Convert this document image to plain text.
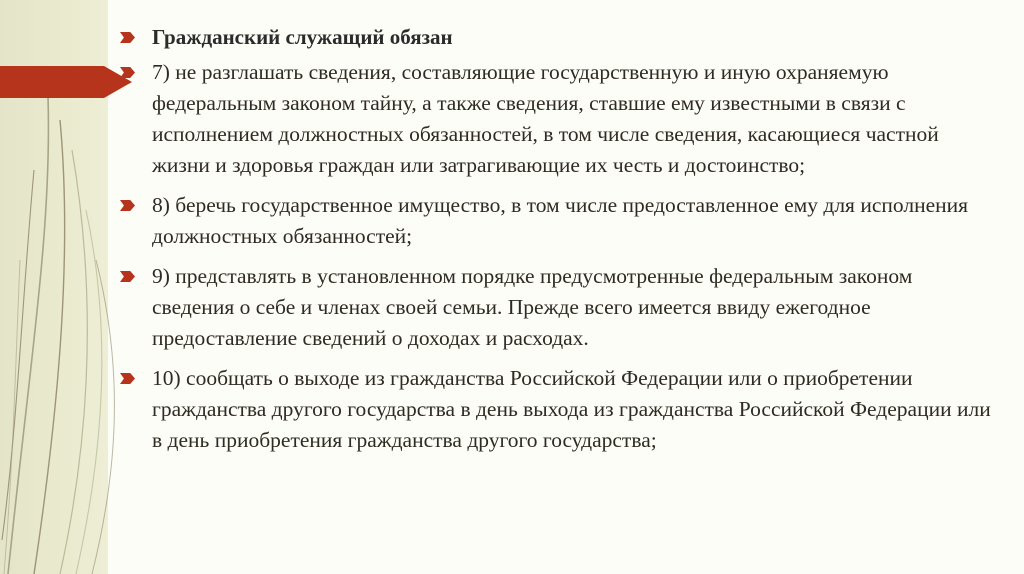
Гражданский служащий обязан
7) не разглашать сведения, составляющие государственную и иную охраняемую федеральным законом тайну, а также сведения, ставшие ему известными в связи с исполнением должностных обязанностей, в том числе сведения, касающиеся частной жизни и здоровья граждан или затрагивающие их честь и достоинство;
8) беречь государственное имущество, в том числе предоставленное ему для исполнения должностных обязанностей;
9) представлять в установленном порядке предусмотренные федеральным законом сведения о себе и членах своей семьи. Прежде всего имеется ввиду ежегодное предоставление сведений о доходах и расходах.
10) сообщать о выходе из гражданства Российской Федерации или о приобретении гражданства другого государства в день выхода из гражданства Российской Федерации или в день приобретения гражданства другого государства;
